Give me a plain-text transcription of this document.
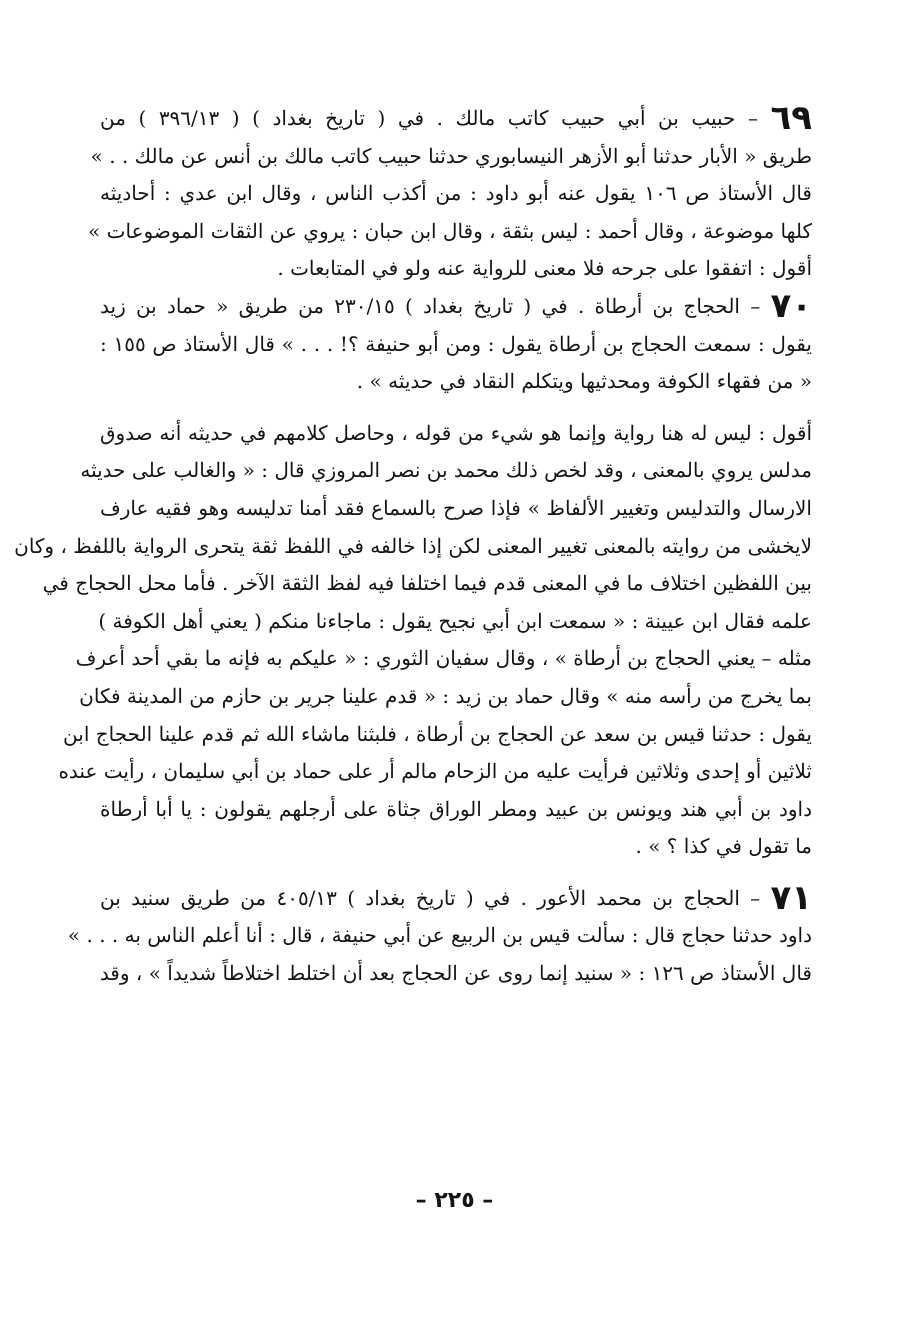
٦٩ – حبيب بن أبي حبيب كاتب مالك . في ( تاريخ بغداد ) ( ٣٩٦/١٣ ) من
طريق « الأبار حدثنا أبو الأزهر النيسابوري حدثنا حبيب كاتب مالك بن أنس عن مالك . . »
قال الأستاذ ص ١٠٦ يقول عنه أبو داود : من أكذب الناس ، وقال ابن عدي : أحاديثه
كلها موضوعة ، وقال أحمد : ليس بثقة ، وقال ابن حبان : يروي عن الثقات الموضوعات »
أقول : اتفقوا على جرحه فلا معنى للرواية عنه ولو في المتابعات .
٧٠ – الحجاج بن أرطاة . في ( تاريخ بغداد ) ٢٣٠/١٥ من طريق « حماد بن زيد
يقول : سمعت الحجاج بن أرطاة يقول : ومن أبو حنيفة ؟! . . . » قال الأستاذ ص ١٥٥ :
« من فقهاء الكوفة ومحدثيها ويتكلم النقاد في حديثه » .
أقول : ليس له هنا رواية وإنما هو شيء من قوله ، وحاصل كلامهم في حديثه أنه صدوق
مدلس يروي بالمعنى ، وقد لخص ذلك محمد بن نصر المروزي قال : « والغالب على حديثه
الارسال والتدليس وتغيير الألفاظ » فإذا صرح بالسماع فقد أمنا تدليسه وهو فقيه عارف
لايخشى من روايته بالمعنى تغيير المعنى لكن إذا خالفه في اللفظ ثقة يتحرى الرواية باللفظ ، وكان
بين اللفظين اختلاف ما في المعنى قدم فيما اختلفا فيه لفظ الثقة الآخر . فأما محل الحجاج في
علمه فقال ابن عيينة : « سمعت ابن أبي نجيح يقول : ماجاءنا منكم ( يعني أهل الكوفة )
مثله – يعني الحجاج بن أرطاة » ، وقال سفيان الثوري : « عليكم به فإنه ما بقي أحد أعرف
بما يخرج من رأسه منه » وقال حماد بن زيد : « قدم علينا جرير بن حازم من المدينة فكان
يقول : حدثنا قيس بن سعد عن الحجاج بن أرطاة ، فلبثنا ماشاء الله ثم قدم علينا الحجاج ابن
ثلاثين أو إحدى وثلاثين فرأيت عليه من الزحام مالم أر على حماد بن أبي سليمان ، رأيت عنده
داود بن أبي هند ويونس بن عبيد ومطر الوراق جثاة على أرجلهم يقولون : يا أبا أرطاة
ما تقول في كذا ؟ » .
٧١ – الحجاج بن محمد الأعور . في ( تاريخ بغداد ) ٤٠٥/١٣ من طريق سنيد بن
داود حدثنا حجاج قال : سألت قيس بن الربيع عن أبي حنيفة ، قال : أنا أعلم الناس به . . . »
قال الأستاذ ص ١٢٦ : « سنيد إنما روى عن الحجاج بعد أن اختلط اختلاطاً شديداً » ، وقد
– ٢٢٥ –
